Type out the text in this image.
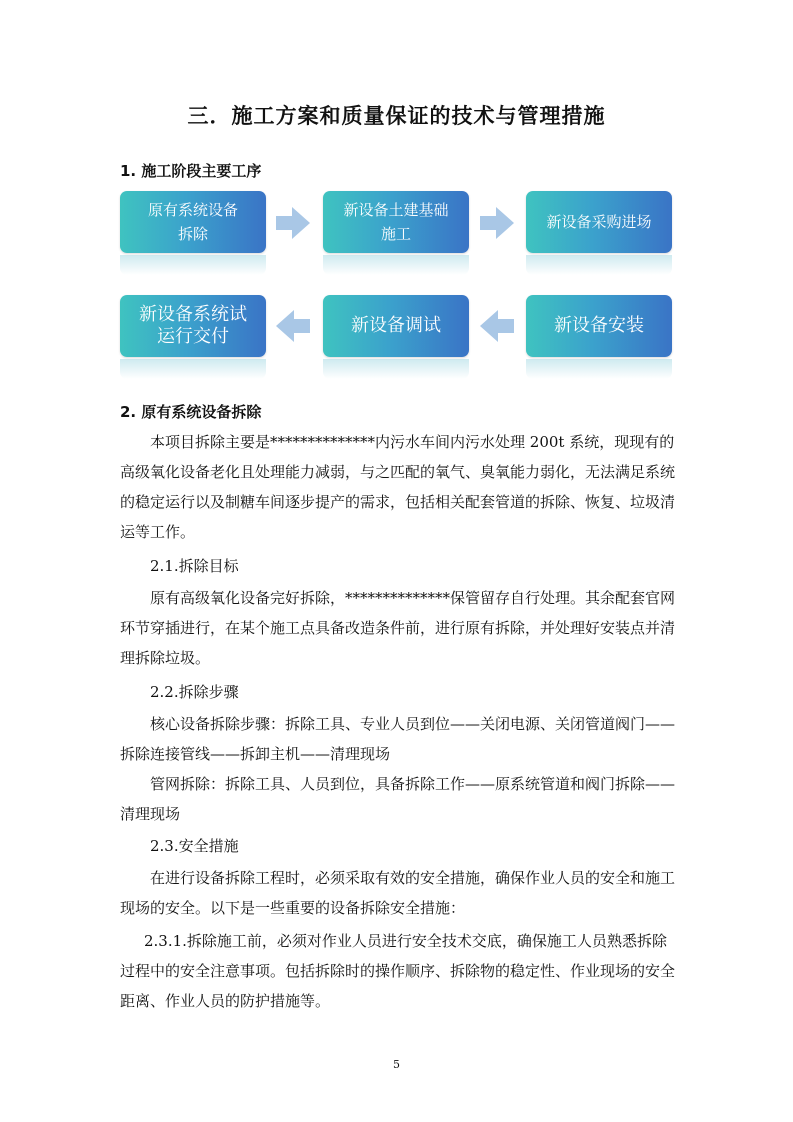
三．施工方案和质量保证的技术与管理措施
1. 施工阶段主要工序
原有系统设备
拆除
新设备土建基础
施工
新设备采购进场
新设备安装
新设备调试
新设备系统试
运行交付
2. 原有系统设备拆除
本项目拆除主要是**************内污水车间内污水处理 200t 系统，现现有的高级氧化设备老化且处理能力减弱，与之匹配的氧气、臭氧能力弱化，无法满足系统的稳定运行以及制糖车间逐步提产的需求，包括相关配套管道的拆除、恢复、垃圾清运等工作。
2.1.拆除目标
原有高级氧化设备完好拆除，**************保管留存自行处理。其余配套官网环节穿插进行，在某个施工点具备改造条件前，进行原有拆除，并处理好安装点并清理拆除垃圾。
2.2.拆除步骤
核心设备拆除步骤：拆除工具、专业人员到位——关闭电源、关闭管道阀门——拆除连接管线——拆卸主机——清理现场
管网拆除：拆除工具、人员到位，具备拆除工作——原系统管道和阀门拆除——清理现场
2.3.安全措施
在进行设备拆除工程时，必须采取有效的安全措施，确保作业人员的安全和施工现场的安全。以下是一些重要的设备拆除安全措施：
2.3.1.拆除施工前，必须对作业人员进行安全技术交底，确保施工人员熟悉拆除过程中的安全注意事项。包括拆除时的操作顺序、拆除物的稳定性、作业现场的安全距离、作业人员的防护措施等。
5
